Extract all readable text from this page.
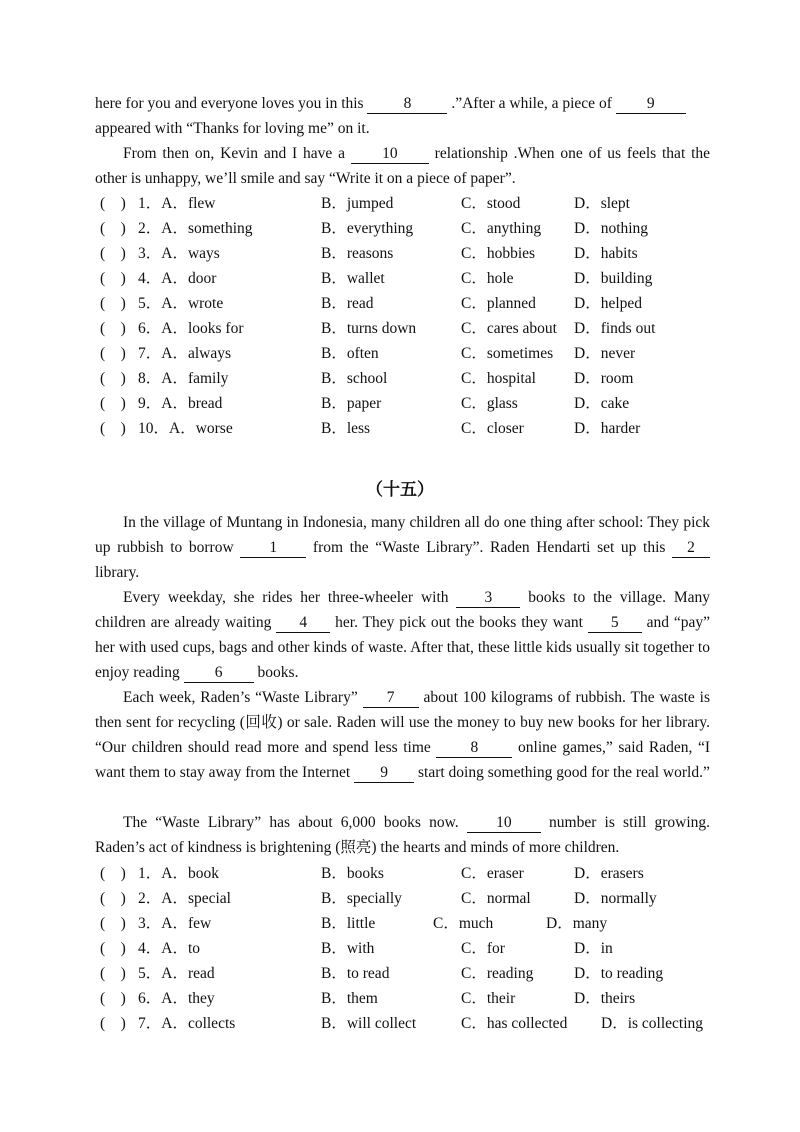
here for you and everyone loves you in this	8	.”After a while, a piece of 9

appeared with “Thanks for loving me” on it.

From then on, Kevin and I have a 10 relationship .When one of us feels that the other is unhappy, we’ll smile and say “Write it on a piece of paper”.

(    ) 1．A．flew	B．jumped	C．stood	D．slept
(    ) 2．A．something	B．everything	C．anything D．nothing
(    ) 3．A．ways	B．reasons	C．hobbies	D．habits
(    ) 4．A．door	B．wallet	C．hole	D．building
(    ) 5．A．wrote	B．read	C．planned D．helped
(    ) 6．A．looks for	B．turns down	C．cares about D．finds out
(    ) 7．A．always	B．often	C．sometimes D．never
(    ) 8．A．family	B．school	C．hospital D．room
(    ) 9．A．bread	B．paper	C．glass	D．cake
(    ) 10．A．worse	B．less	C．closer	D．harder
（十五）

In the village of Muntang in Indonesia, many children all do one thing after school: They pick up rubbish to borrow 1 from the “Waste Library”. Raden Hendarti set up this 2 library.

Every weekday, she rides her three-wheeler with 3 books to the village. Many children are already waiting 4 her. They pick out the books they want 5 and “pay” her with used cups, bags and other kinds of waste. After that, these little kids usually sit together to enjoy reading 6 books.

Each week, Raden’s “Waste Library” 7 about 100 kilograms of rubbish. The waste is then sent for recycling (回收) or sale. Raden will use the money to buy new books for her library. “Our children should read more and spend less time	8	online games,” said Raden, “I want them to stay away from the Internet 9 start doing something good for the real world.”

The “Waste Library” has about 6,000 books now. 10 number is still growing. Raden’s act of kindness is brightening (照亮) the hearts and minds of more children.

(    ) 1．A．book	B．books	C．eraser	D．erasers
(    ) 2．A．special	B．specially	C．normal	D．normally
(    ) 3．A．few	B．little	C．much	D．many
(    ) 4．A．to	B．with	C．for	D．in
(    ) 5．A．read	B．to read	C．reading	D．to reading
(    ) 6．A．they	B．them	C．their	D．theirs
(    ) 7．A．collects	B．will collect	C．has collected D．is collecting
